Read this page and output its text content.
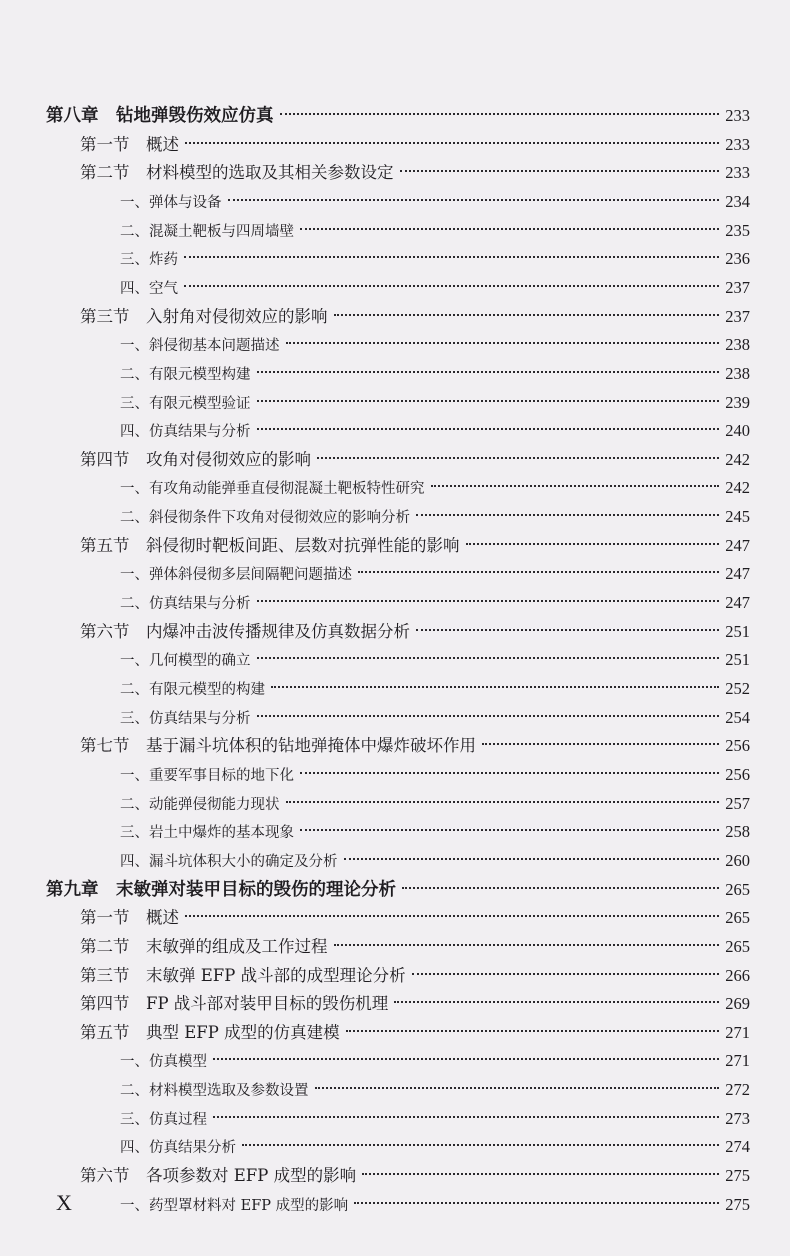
第八章　钻地弹毁伤效应仿真	233
第一节　概述	233
第二节　材料模型的选取及其相关参数设定	233
一、弹体与设备	234
二、混凝土靶板与四周墙壁	235
三、炸药	236
四、空气	237
第三节　入射角对侵彻效应的影响	237
一、斜侵彻基本问题描述	238
二、有限元模型构建	238
三、有限元模型验证	239
四、仿真结果与分析	240
第四节　攻角对侵彻效应的影响	242
一、有攻角动能弹垂直侵彻混凝土靶板特性研究	242
二、斜侵彻条件下攻角对侵彻效应的影响分析	245
第五节　斜侵彻时靶板间距、层数对抗弹性能的影响	247
一、弹体斜侵彻多层间隔靶问题描述	247
二、仿真结果与分析	247
第六节　内爆冲击波传播规律及仿真数据分析	251
一、几何模型的确立	251
二、有限元模型的构建	252
三、仿真结果与分析	254
第七节　基于漏斗坑体积的钻地弹掩体中爆炸破坏作用	256
一、重要军事目标的地下化	256
二、动能弹侵彻能力现状	257
三、岩土中爆炸的基本现象	258
四、漏斗坑体积大小的确定及分析	260
第九章　末敏弹对装甲目标的毁伤的理论分析	265
第一节　概述	265
第二节　末敏弹的组成及工作过程	265
第三节　末敏弹 EFP 战斗部的成型理论分析	266
第四节　FP 战斗部对装甲目标的毁伤机理	269
第五节　典型 EFP 成型的仿真建模	271
一、仿真模型	271
二、材料模型选取及参数设置	272
三、仿真过程	273
四、仿真结果分析	274
第六节　各项参数对 EFP 成型的影响	275
一、药型罩材料对 EFP 成型的影响	275
X
